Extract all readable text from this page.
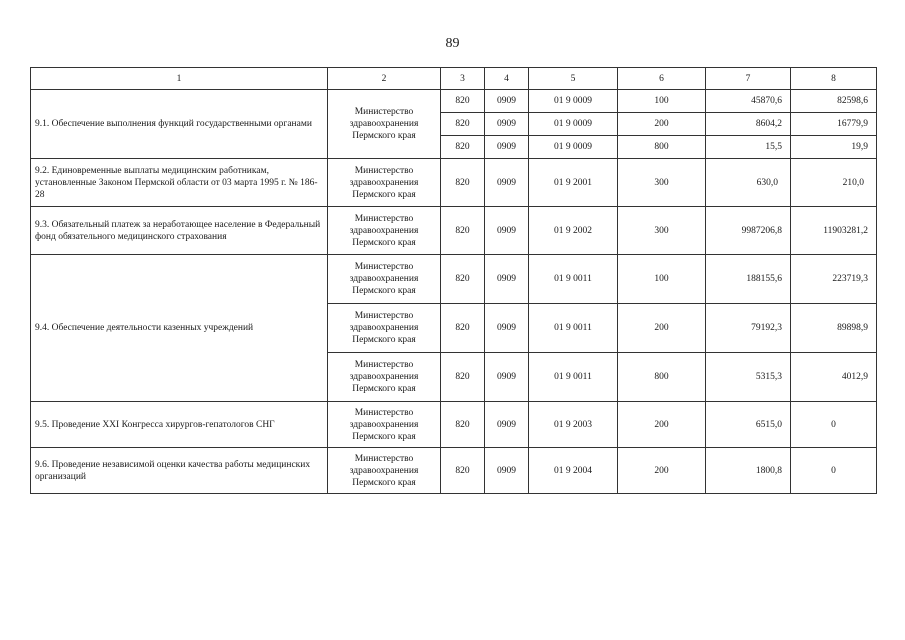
89
1	2	3	4	5	6	7	8
9.1. Обеспечение выполнения функций государственными органами	Министерство здравоохранения Пермского края	820	0909	01 9 0009	100	45870,6	82598,6
		820	0909	01 9 0009	200	8604,2	16779,9
		820	0909	01 9 0009	800	15,5	19,9
9.2. Единовременные выплаты медицинским работникам, установленные Законом Пермской области от 03 марта 1995 г. № 186-28	Министерство здравоохранения Пермского края	820	0909	01 9 2001	300	630,0	210,0
9.3. Обязательный платеж за неработающее население в Федеральный фонд обязательного медицинского страхования	Министерство здравоохранения Пермского края	820	0909	01 9 2002	300	9987206,8	11903281,2
9.4. Обеспечение деятельности казенных учреждений	Министерство здравоохранения Пермского края	820	0909	01 9 0011	100	188155,6	223719,3
	Министерство здравоохранения Пермского края	820	0909	01 9 0011	200	79192,3	89898,9
	Министерство здравоохранения Пермского края	820	0909	01 9 0011	800	5315,3	4012,9
9.5. Проведение XXI Конгресса хирургов-гепатологов СНГ	Министерство здравоохранения Пермского края	820	0909	01 9 2003	200	6515,0	0
9.6. Проведение независимой оценки качества работы медицинских организаций	Министерство здравоохранения Пермского края	820	0909	01 9 2004	200	1800,8	0
